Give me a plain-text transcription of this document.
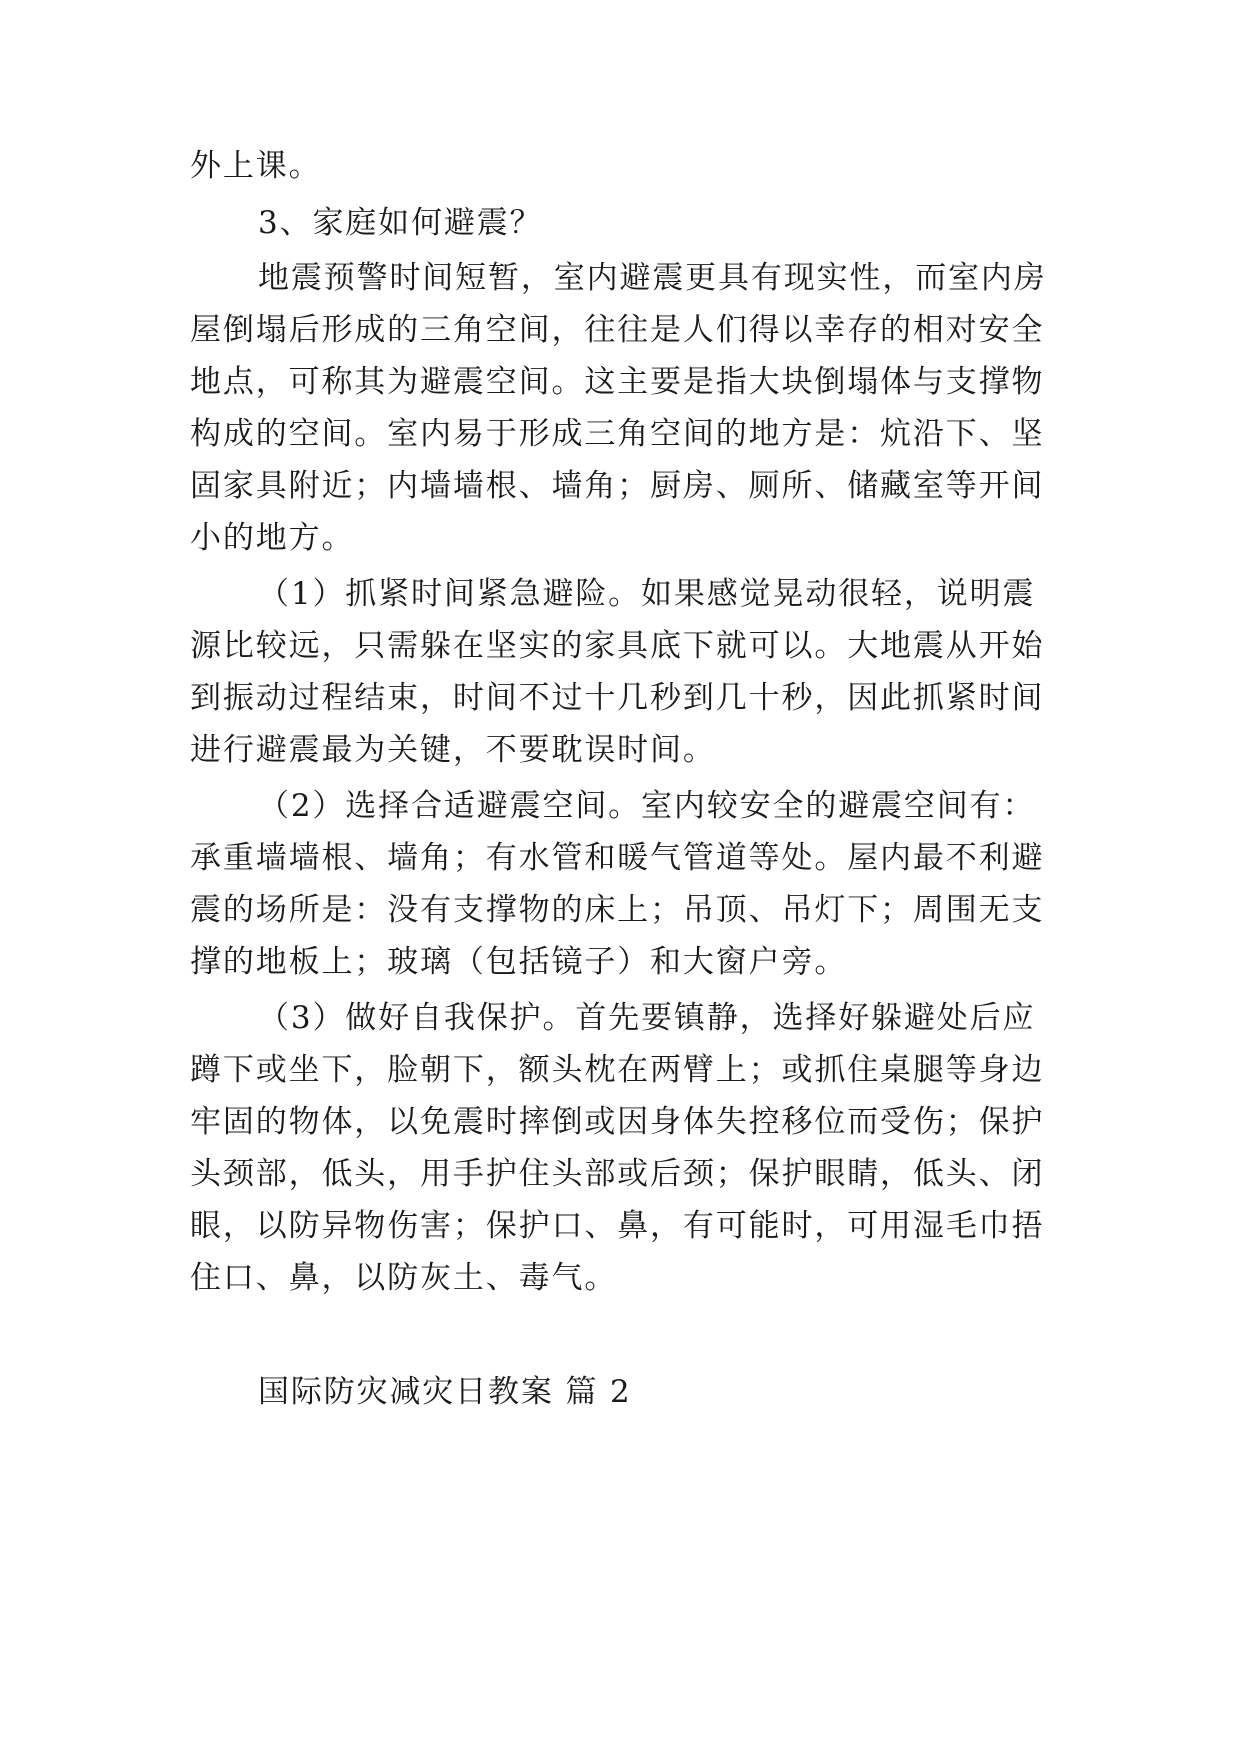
外上课。
3、家庭如何避震？
地震预警时间短暂，室内避震更具有现实性，而室内房
屋倒塌后形成的三角空间，往往是人们得以幸存的相对安全
地点，可称其为避震空间。这主要是指大块倒塌体与支撑物
构成的空间。室内易于形成三角空间的地方是：炕沿下、坚
固家具附近；内墙墙根、墙角；厨房、厕所、储藏室等开间
小的地方。
（1）抓紧时间紧急避险。如果感觉晃动很轻，说明震
源比较远，只需躲在坚实的家具底下就可以。大地震从开始
到振动过程结束，时间不过十几秒到几十秒，因此抓紧时间
进行避震最为关键，不要耽误时间。
（2）选择合适避震空间。室内较安全的避震空间有：
承重墙墙根、墙角；有水管和暖气管道等处。屋内最不利避
震的场所是：没有支撑物的床上；吊顶、吊灯下；周围无支
撑的地板上；玻璃（包括镜子）和大窗户旁。
（3）做好自我保护。首先要镇静，选择好躲避处后应
蹲下或坐下，脸朝下，额头枕在两臂上；或抓住桌腿等身边
牢固的物体，以免震时摔倒或因身体失控移位而受伤；保护
头颈部，低头，用手护住头部或后颈；保护眼睛，低头、闭
眼，以防异物伤害；保护口、鼻，有可能时，可用湿毛巾捂
住口、鼻，以防灰土、毒气。
国际防灾减灾日教案 篇 2
